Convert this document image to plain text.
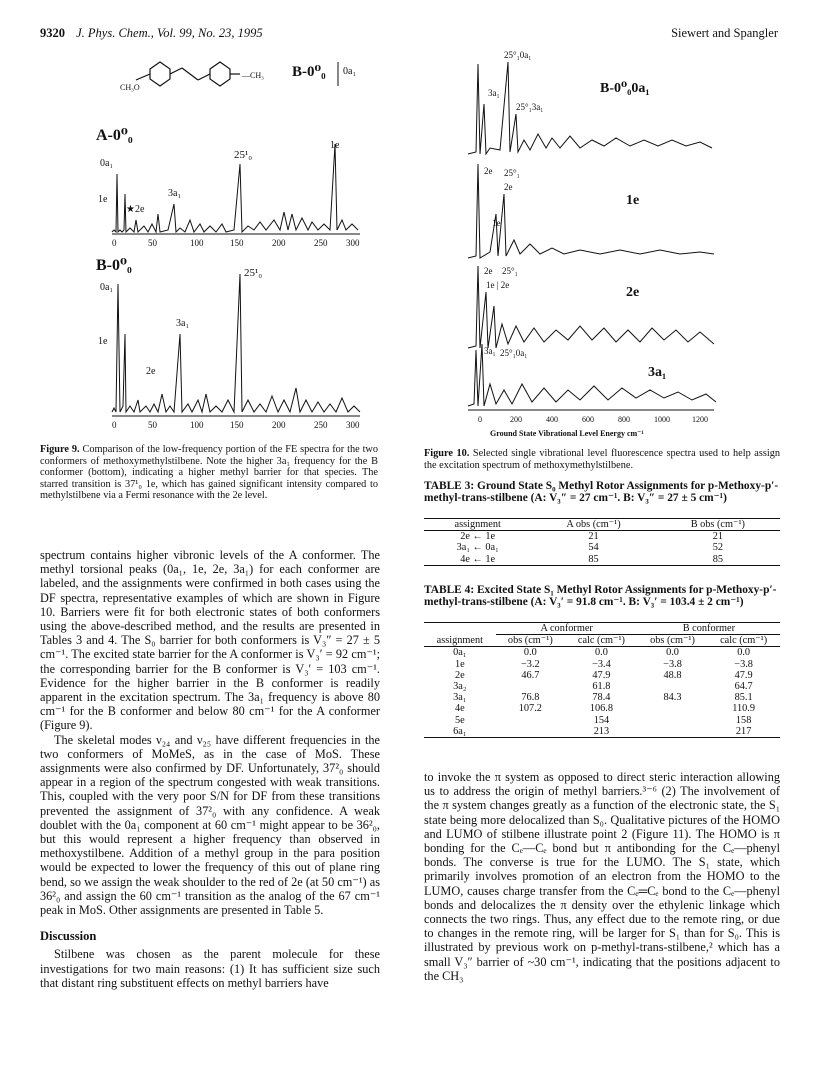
9320 J. Phys. Chem., Vol. 99, No. 23, 1995	Siewert and Spangler
CH₃O
—CH₃ B-0⁰₀ 0a₁
A-0⁰₀
0a₁
1e
3a₁
★2e
25¹₀
1e
0	50	100	150	200	250 300
B-0⁰₀
0a₁
3a₁
1e
2e
25¹₀
0	50	100	150	200	250 300
Figure 9. Comparison of the low-frequency portion of the FE spectra for the two conformers of methoxymethylstilbene. Note the higher 3a₁ frequency for the B conformer (bottom), indicating a higher methyl barrier for that species. The starred transition is 37¹₀ 1e, which has gained significant intensity compared to methylstilbene via a Fermi resonance with the 2e level.

spectrum contains higher vibronic levels of the A conformer. The methyl torsional peaks (0a₁, 1e, 2e, 3a₁) for each conformer are labeled, and the assignments were confirmed in both cases using the DF spectra, representative examples of which are shown in Figure 10. Barriers were fit for both electronic states of both conformers using the above-described method, and the results are presented in Tables 3 and 4. The S₀ barrier for both conformers is V₃″ = 27 ± 5 cm⁻¹. The excited state barrier for the A conformer is V₃′ = 92 cm⁻¹; the corresponding barrier for the B conformer is V₃′ = 103 cm⁻¹. Evidence for the higher barrier in the B conformer is readily apparent in the excitation spectrum. The 3a₁ frequency is above 80 cm⁻¹ for the B conformer and below 80 cm⁻¹ for the A conformer (Figure 9).

The skeletal modes ν₂₄ and ν₂₅ have different frequencies in the two conformers of MoMeS, as in the case of MoS. These assignments were also confirmed by DF. Unfortunately, 37²₀ should appear in a region of the spectrum congested with weak transitions. This, coupled with the very poor S/N for DF from these transitions prevented the assignment of 37²₀ with any confidence. A weak doublet with the 0a₁ component at 60 cm⁻¹ might appear to be 36²₀, but this would represent a higher frequency than observed in methoxystilbene. Addition of a methyl group in the para position would be expected to lower the frequency of this out of plane ring bend, so we assign the weak shoulder to the red of 2e (at 50 cm⁻¹) as 36²₀ and assign the 60 cm⁻¹ transition as the analog of the 67 cm⁻¹ peak in MoS. Other assignments are presented in Table 5.

Discussion

Stilbene was chosen as the parent molecule for these investigations for two main reasons: (1) It has sufficient size such that distant ring substituent effects on methyl barriers have

25°₁0a₁
3a₁
25°₁3a₁
B-0⁰₀0a₁
2e 25°₁
2e
1e
1e
2e 25°₁
1e | 2e	2e
3a₁ 25°₁0a₁
3a₁
0	200	400	600	800	1000	1200
Ground State Vibrational Level Energy cm⁻¹
Figure 10. Selected single vibrational level fluorescence spectra used to help assign the excitation spectrum of methoxymethylstilbene.
TABLE 3: Ground State S₀ Methyl Rotor Assignments for p-Methoxy-p′-methyl-trans-stilbene (A: V₃″ = 27 cm⁻¹. B: V₃″ = 27 ± 5 cm⁻¹)
assignment	A obs (cm⁻¹)	B obs (cm⁻¹)
2e ← 1e	21	21
3a₁ ← 0a₁	54	52
4e ← 1e	85	85
TABLE 4: Excited State S₁ Methyl Rotor Assignments for p-Methoxy-p′-methyl-trans-stilbene (A: V₃′ = 91.8 cm⁻¹. B: V₃′ = 103.4 ± 2 cm⁻¹)
	A conformer		B conformer	
assignment	obs (cm⁻¹)	calc (cm⁻¹)	obs (cm⁻¹)	calc (cm⁻¹)
0a₁	0.0	0.0	0.0	0.0
1e	−3.2	−3.4	−3.8	−3.8
2e	46.7	47.9	48.8	47.9
3a₂		61.8		64.7
3a₁	76.8	78.4	84.3	85.1
4e	107.2	106.8		110.9
5e		154		158
6a₁		213		217

to invoke the π system as opposed to direct steric interaction allowing us to address the origin of methyl barriers.³⁻⁶ (2) The involvement of the π system changes greatly as a function of the electronic state, the S₁ state being more delocalized than S₀. Qualitative pictures of the HOMO and LUMO of stilbene illustrate point 2 (Figure 11). The HOMO is π bonding for the Cₑ—Cₑ bond but π antibonding for the Cₑ—phenyl bonds. The converse is true for the LUMO. The S₁ state, which primarily involves promotion of an electron from the HOMO to the LUMO, causes charge transfer from the Cₑ═Cₑ bond to the Cₑ—phenyl bonds and delocalizes the π density over the ethylenic linkage which connects the two rings. Thus, any effect due to the remote ring, or due to changes in the remote ring, will be larger for S₁ than for S₀. This is illustrated by previous work on p-methyl-trans-stilbene,² which has a small V₃″ barrier of ~30 cm⁻¹, indicating that the positions adjacent to the CH₃
